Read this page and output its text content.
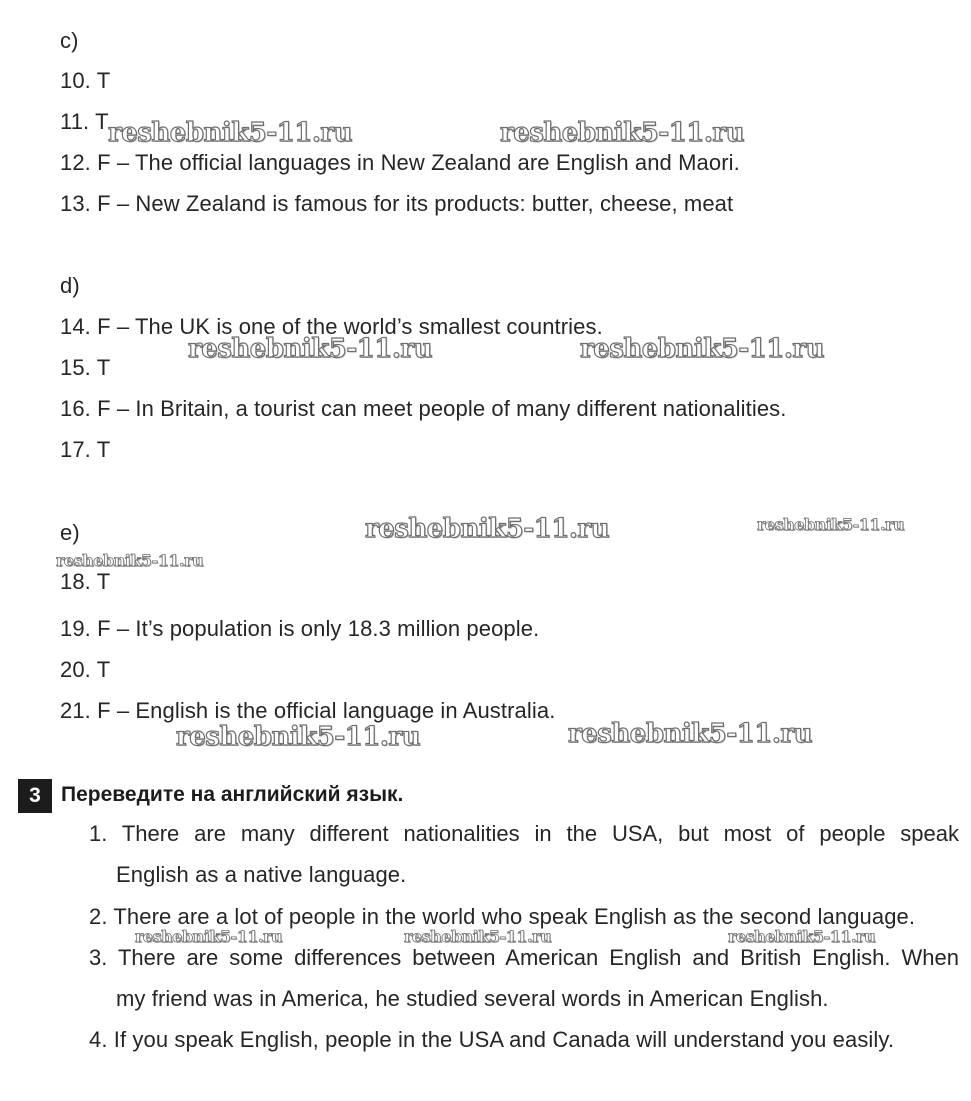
c)
10. T
11. T
12. F – The official languages in New Zealand are English and Maori.
13. F – New Zealand is famous for its products: butter, cheese, meat
d)
14. F – The UK is one of the world’s smallest countries.
15. T
16. F – In Britain, a tourist can meet people of many different nationalities.
17. T
e)
18. T
19. F – It’s population is only 18.3 million people.
20. T
21. F – English is the official language in Australia.
3 Переведите на английский язык.
1. There are many different nationalities in the USA, but most of people speak
English as a native language.
2. There are a lot of people in the world who speak English as the second language.
3. There are some differences between American English and British English. When
my friend was in America, he studied several words in American English.
4. If you speak English, people in the USA and Canada will understand you easily.
reshebnik5-11.ru	reshebnik5-11.ru
reshebnik5-11.ru	reshebnik5-11.ru
reshebnik5-11.ru	reshebnik5-11.ru
reshebnik5-11.ru
reshebnik5-11.ru	reshebnik5-11.ru
reshebnik5-11.ru	reshebnik5-11.ru	reshebnik5-11.ru
